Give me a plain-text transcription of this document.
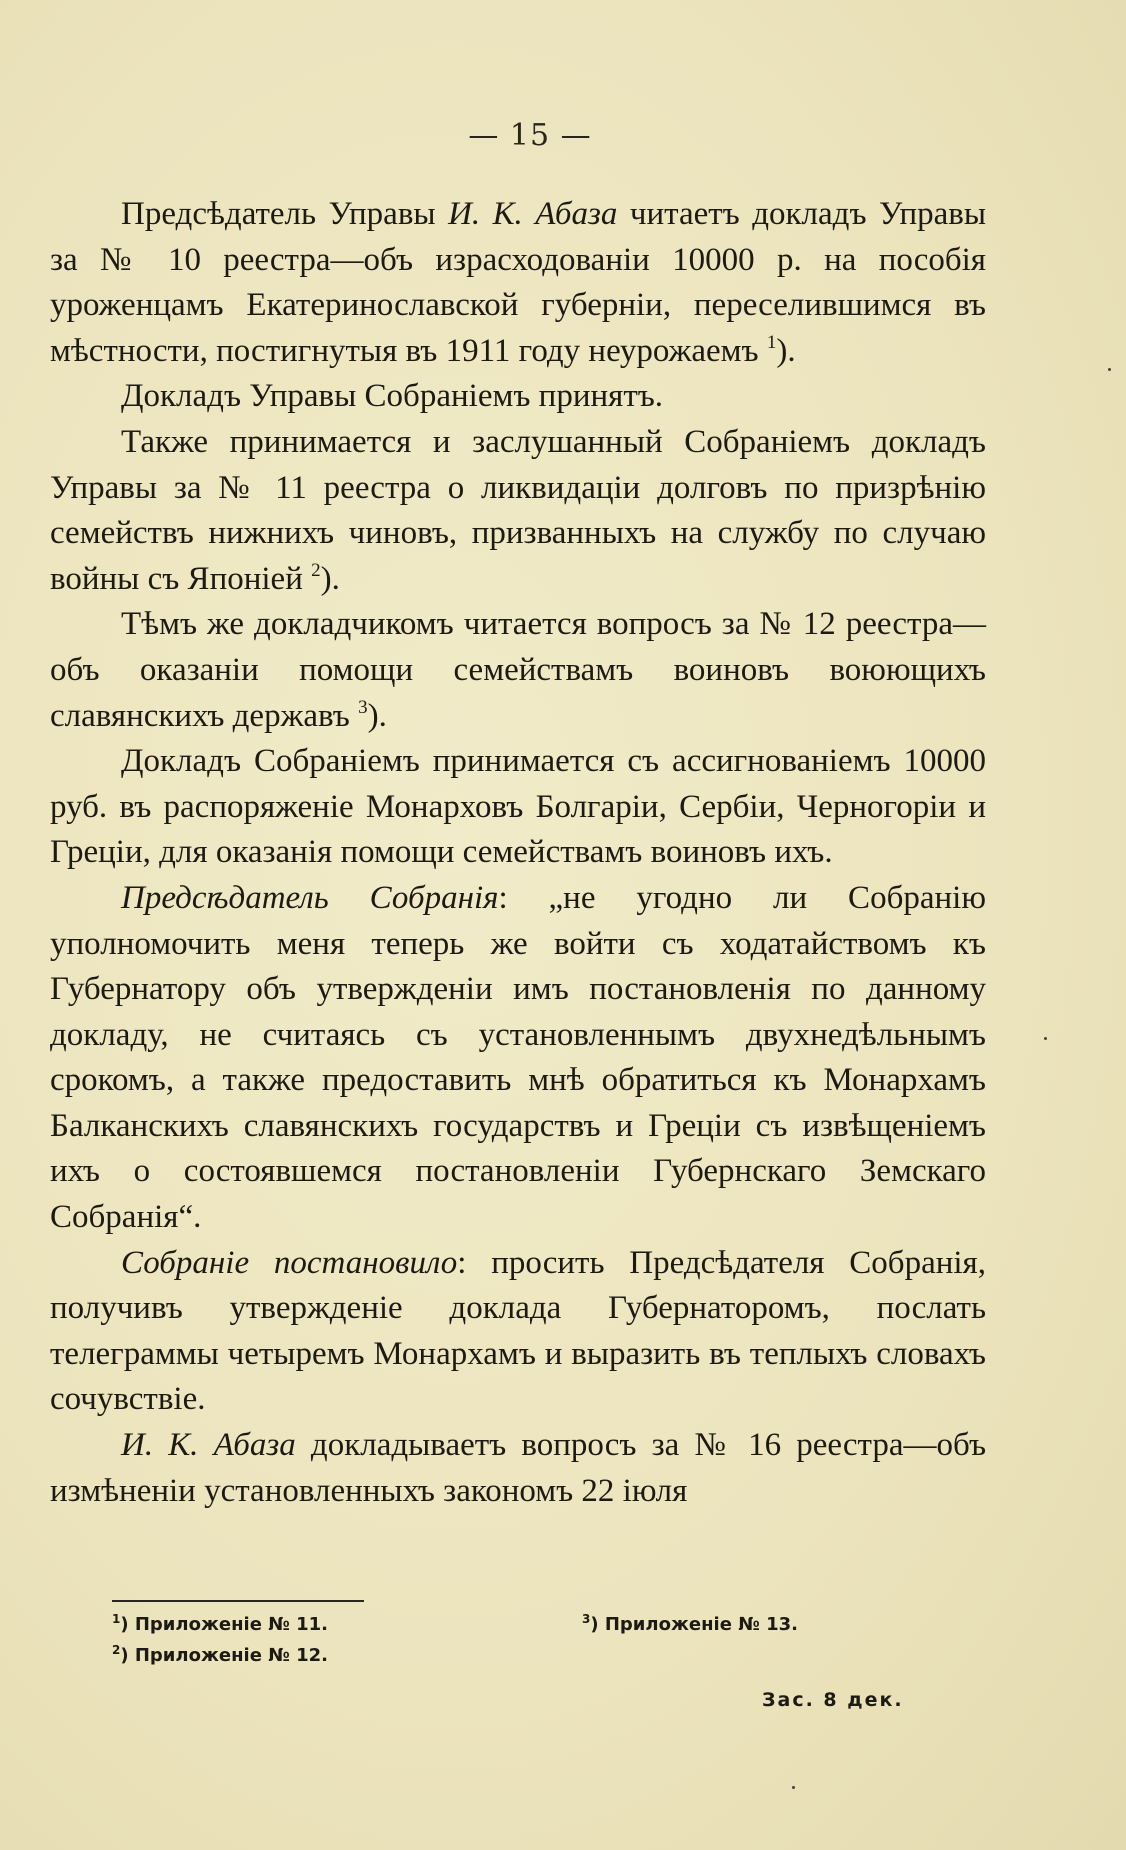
— 15 —

Предсѣдатель Управы И. К. Абаза читаетъ докладъ Управы за № 10 реестра—объ израсходованіи 10000 р. на пособія уроженцамъ Екатеринославской губерніи, переселившимся въ мѣстности, постигнутыя въ 1911 году неурожаемъ $^1$).

Докладъ Управы Собраніемъ принятъ.

Также принимается и заслушанный Собраніемъ докладъ Управы за № 11 реестра о ликвидаціи долговъ по призрѣнію семействъ нижнихъ чиновъ, призванныхъ на службу по случаю войны съ Японіей $^2$).

Тѣмъ же докладчикомъ читается вопросъ за № 12 реестра—объ оказаніи помощи семействамъ воиновъ воюющихъ славянскихъ державъ $^3$).

Докладъ Собраніемъ принимается съ ассигнованіемъ 10000 руб. въ распоряженіе Монарховъ Болгаріи, Сербіи, Черногоріи и Греціи, для оказанія помощи семействамъ воиновъ ихъ.

Предсѣдатель Собранія: „не угодно ли Собранію уполномочить меня теперь же войти съ ходатайствомъ къ Губернатору объ утвержденіи имъ постановленія по данному докладу, не считаясь съ установленнымъ двухнедѣльнымъ срокомъ, а также предоставить мнѣ обратиться къ Монархамъ Балканскихъ славянскихъ государствъ и Греціи съ извѣщеніемъ ихъ о состоявшемся постановленіи Губернскаго Земскаго Собранія“.

Собраніе постановило: просить Предсѣдателя Собранія, получивъ утвержденіе доклада Губернаторомъ, послать телеграммы четыремъ Монархамъ и выразить въ теплыхъ словахъ сочувствіе.

И. К. Абаза докладываетъ вопросъ за № 16 реестра—объ измѣненіи установленныхъ закономъ 22 іюля

$^1$) Приложеніе № 11.
$^2$) Приложеніе № 12.
$^3$) Приложеніе № 13.
Зас. 8 дек.
